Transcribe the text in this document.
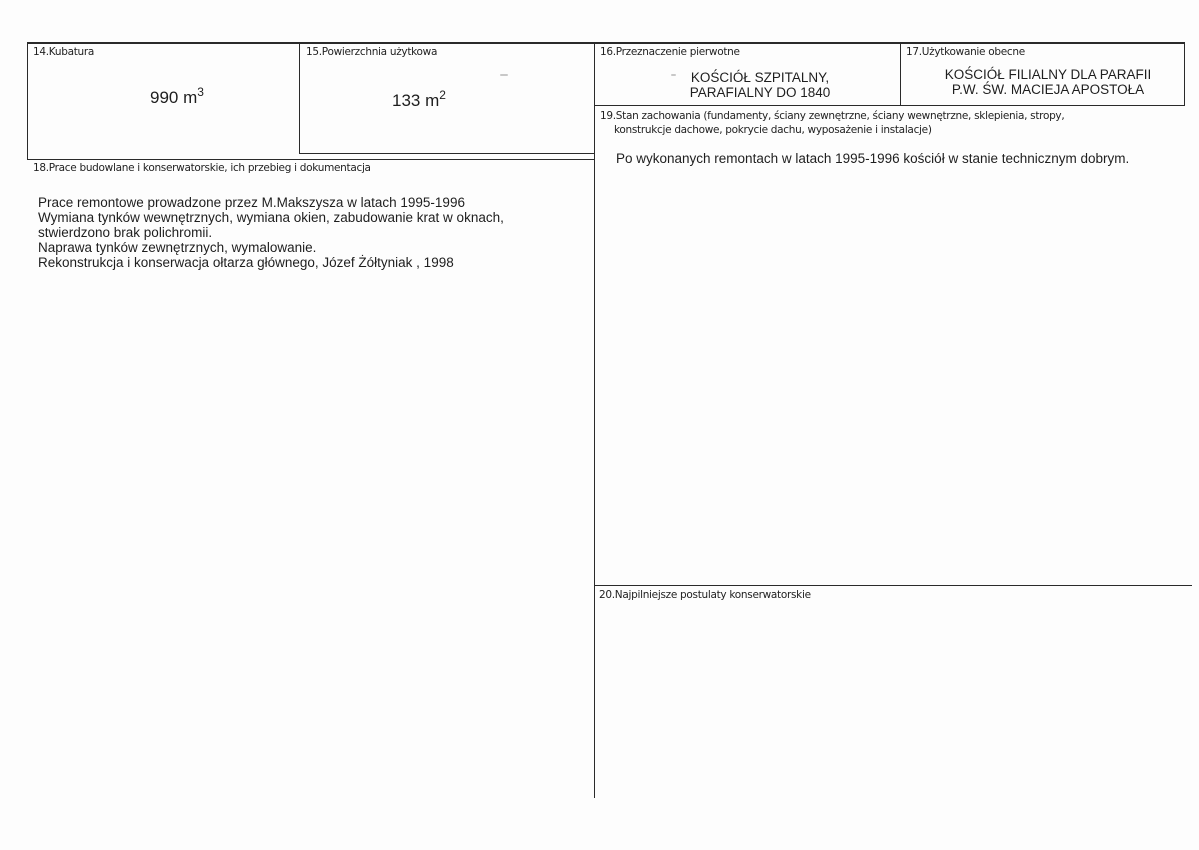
14.Kubatura
990 $m^3$
15.Powierzchnia użytkowa
133 $m^2$
16.Przeznaczenie pierwotne
KOŚCIÓŁ SZPITALNY,
PARAFIALNY DO 1840
17.Użytkowanie obecne
KOŚCIÓŁ FILIALNY DLA PARAFII
P.W. ŚW. MACIEJA APOSTOŁA
19.Stan zachowania (fundamenty, ściany zewnętrzne, ściany wewnętrzne, sklepienia, stropy,
konstrukcje dachowe, pokrycie dachu, wyposażenie i instalacje)
Po wykonanych remontach w latach 1995-1996 kościół w stanie technicznym dobrym.
18.Prace budowlane i konserwatorskie, ich przebieg i dokumentacja
Prace remontowe prowadzone przez M.Makszysza w latach 1995-1996
Wymiana tynków wewnętrznych, wymiana okien, zabudowanie krat w oknach,
stwierdzono brak polichromii.
Naprawa tynków zewnętrznych, wymalowanie.
Rekonstrukcja i konserwacja ołtarza głównego, Józef Żółtyniak , 1998
20.Najpilniejsze postulaty konserwatorskie
